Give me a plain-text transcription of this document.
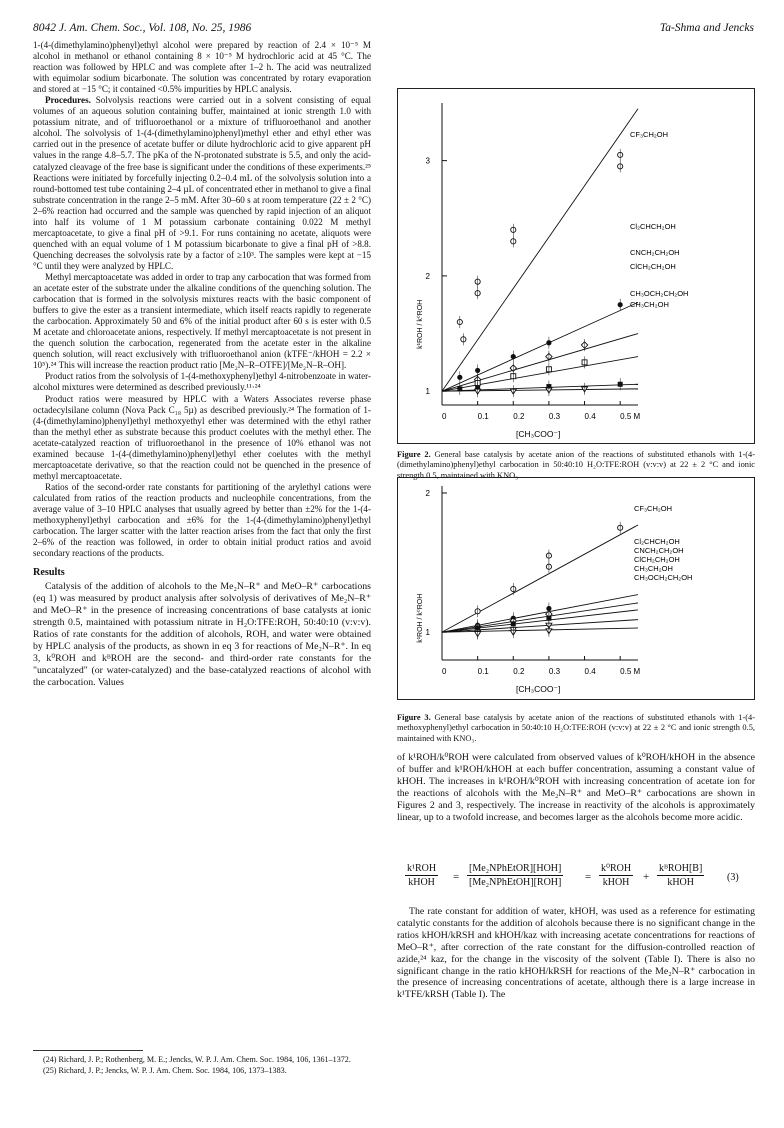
8042 J. Am. Chem. Soc., Vol. 108, No. 25, 1986	Ta-Shma and Jencks

1-(4-(dimethylamino)phenyl)ethyl alcohol were prepared by reaction of 2.4 × 10⁻⁵ M alcohol in methanol or ethanol containing 8 × 10⁻⁵ M hydrochloric acid at 45 °C. The reaction was followed by HPLC and was complete after 1–2 h. The acid was neutralized with equimolar sodium bicarbonate. The solution was concentrated by rotary evaporation and stored at −15 °C; it contained <0.5% impurities by HPLC analysis.

Procedures. Solvolysis reactions were carried out in a solvent consisting of equal volumes of an aqueous solution containing buffer, maintained at ionic strength 1.0 with potassium nitrate, and of trifluoroethanol or a mixture of trifluoroethanol and another alcohol. The solvolysis of 1-(4-(dimethylamino)phenyl)methyl ether and ethyl ether was carried out in the presence of acetate buffer or dilute hydrochloric acid to give apparent pH values in the range 4.8–5.7. The pKa of the N-protonated substrate is 5.5, and only the acid-catalyzed cleavage of the free base is significant under the conditions of these experiments.²⁵ Reactions were initiated by forcefully injecting 0.2–0.4 mL of the solvolysis solution into a round-bottomed test tube containing 2–4 µL of concentrated ether in methanol to give a final substrate concentration in the range 2–5 mM. After 30–60 s at room temperature (22 ± 2 °C) 2–6% reaction had occurred and the sample was quenched by rapid injection of an aliquot into half its volume of 1 M potassium carbonate containing 0.022 M methyl mercaptoacetate, to give a final pH of >9.1. For runs containing no acetate, aliquots were quenched with an equal volume of 1 M potassium bicarbonate to give a final pH of >8.8. Quenching decreases the solvolysis rate by a factor of ≥10³. The samples were kept at −15 °C until they were analyzed by HPLC.

Methyl mercaptoacetate was added in order to trap any carbocation that was formed from an acetate ester of the substrate under the alkaline conditions of the quenching solution. The carbocation that is formed in the solvolysis mixtures reacts with the basic component of buffers to give the ester as a transient intermediate, which itself reacts rapidly to regenerate the carbocation. Approximately 50 and 6% of the initial product after 60 s is ester with 0.5 M acetate and chloroacetate anions, respectively. If methyl mercaptoacetate is not present in the quench solution the carbocation, regenerated from the acetate ester in the alkaline quench solution, will react exclusively with trifluoroethanol anion (kTFE⁻/kHOH = 2.2 × 10⁵).²⁴ This will increase the reaction product ratio [Me₂N–R–OTFE]/[Me₂N–R–OH].

Product ratios from the solvolysis of 1-(4-methoxyphenyl)ethyl 4-nitrobenzoate in water-alcohol mixtures were determined as described previously.¹¹·²⁴

Product ratios were measured by HPLC with a Waters Associates reverse phase octadecylsilane column (Nova Pack C₁₈ 5µ) as described previously.²⁴ The formation of 1-(4-(dimethylamino)phenyl)ethyl methoxyethyl ether was determined with the ethyl rather than the methyl ether as substrate because this product coelutes with the methyl ether. The acetate-catalyzed reaction of trifluoroethanol in the presence of 10% ethanol was not examined because 1-(4-(dimethylamino)phenyl)ethyl ether coelutes with the methyl mercaptoacetate derivative, so that the reaction could not be quenched in the presence of methyl mercaptoacetate.

Ratios of the second-order rate constants for partitioning of the arylethyl cations were calculated from ratios of the reaction products and nucleophile concentrations, from the average value of 3–10 HPLC analyses that usually agreed by better than ±2% for the 1-(4-methoxyphenyl)ethyl carbocation and ±6% for the 1-(4-(dimethylamino)phenyl)ethyl carbocation. The larger scatter with the latter reaction arises from the fact that only the first 2–6% of the reaction was followed, in order to obtain initial product ratios and avoid secondary reactions of the products.

Results

Catalysis of the addition of alcohols to the Me₂N–R⁺ and MeO–R⁺ carbocations (eq 1) was measured by product analysis after solvolysis of derivatives of Me₂N–R⁺ and MeO–R⁺ in the presence of increasing concentrations of base catalysts at ionic strength 0.5, maintained with potassium nitrate in H₂O:TFE:ROH, 50:40:10 (v:v:v). Ratios of rate constants for the addition of alcohols, ROH, and water were obtained by HPLC analysis of the products, as shown in eq 3 for reactions of Me₂N–R⁺. In eq 3, k⁰ROH and kᴮROH are the second- and third-order rate constants for the "uncatalyzed" (or water-catalyzed) and the base-catalyzed reactions of alcohol with the carbocation. Values

(24) Richard, J. P.; Rothenberg, M. E.; Jencks, W. P. J. Am. Chem. Soc. 1984, 106, 1361–1372.

(25) Richard, J. P.; Jencks, W. P. J. Am. Chem. Soc. 1984, 106, 1373–1383.

0	0.1	0.2	0.3	0.4	0.5 M
1
2
3
[CH₃COO⁻]
k¹ROH / k⁰ROH
CF₃CH₂OH
Cl₂CHCH₂OH
CNCH₂CH₂OH
ClCH₂CH₂OH
CH₃OCH₂CH₂OH
CH₃CH₂OH
Figure 2. General base catalysis by acetate anion of the reactions of substituted ethanols with 1-(4-(dimethylamino)phenyl)ethyl carbocation in 50:40:10 H₂O:TFE:ROH (v:v:v) at 22 ± 2 °C and ionic strength 0.5, maintained with KNO₃.
0	0.1	0.2	0.3	0.4	0.5 M
1
2
[CH₃COO⁻]
k¹ROH / k⁰ROH
CF₃CH₂OH
Cl₂CHCH₂OH
CNCH₂CH₂OH
ClCH₂CH₂OH
CH₃CH₂OH
CH₃OCH₂CH₂OH
Figure 3. General base catalysis by acetate anion of the reactions of substituted ethanols with 1-(4-methoxyphenyl)ethyl carbocation in 50:40:10 H₂O:TFE:ROH (v:v:v) at 22 ± 2 °C and ionic strength 0.5, maintained with KNO₃.

of k¹ROH/k⁰ROH were calculated from observed values of k⁰ROH/kHOH in the absence of buffer and k¹ROH/kHOH at each buffer concentration, assuming a constant value of kHOH. The increases in k¹ROH/k⁰ROH with increasing concentration of acetate ion for the reactions of alcohols with the Me₂N–R⁺ and MeO–R⁺ carbocations are shown in Figures 2 and 3, respectively. The increase in reactivity of the alcohols is approximately linear, up to a twofold increase, and becomes larger as the alcohols become more acidic.

k¹ROH
kHOH =
[Me₂NPhEtOR][HOH]
[Me₂NPhEtOH][ROH] =
k⁰ROH
kHOH	+
kᴮROH[B]
kHOH	(3)

The rate constant for addition of water, kHOH, was used as a reference for estimating catalytic constants for the addition of alcohols because there is no significant change in the ratios kHOH/kRSH and kHOH/kaz with increasing acetate concentrations for reactions of MeO–R⁺, after correction of the rate constant for the diffusion-controlled reaction of azide,²⁴ kaz, for the change in the viscosity of the solvent (Table I). There is also no significant change in the ratio kHOH/kRSH for reactions of the Me₂N–R⁺ carbocation in the presence of increasing concentrations of acetate, although there is a large increase in k¹TFE/kRSH (Table I). The
